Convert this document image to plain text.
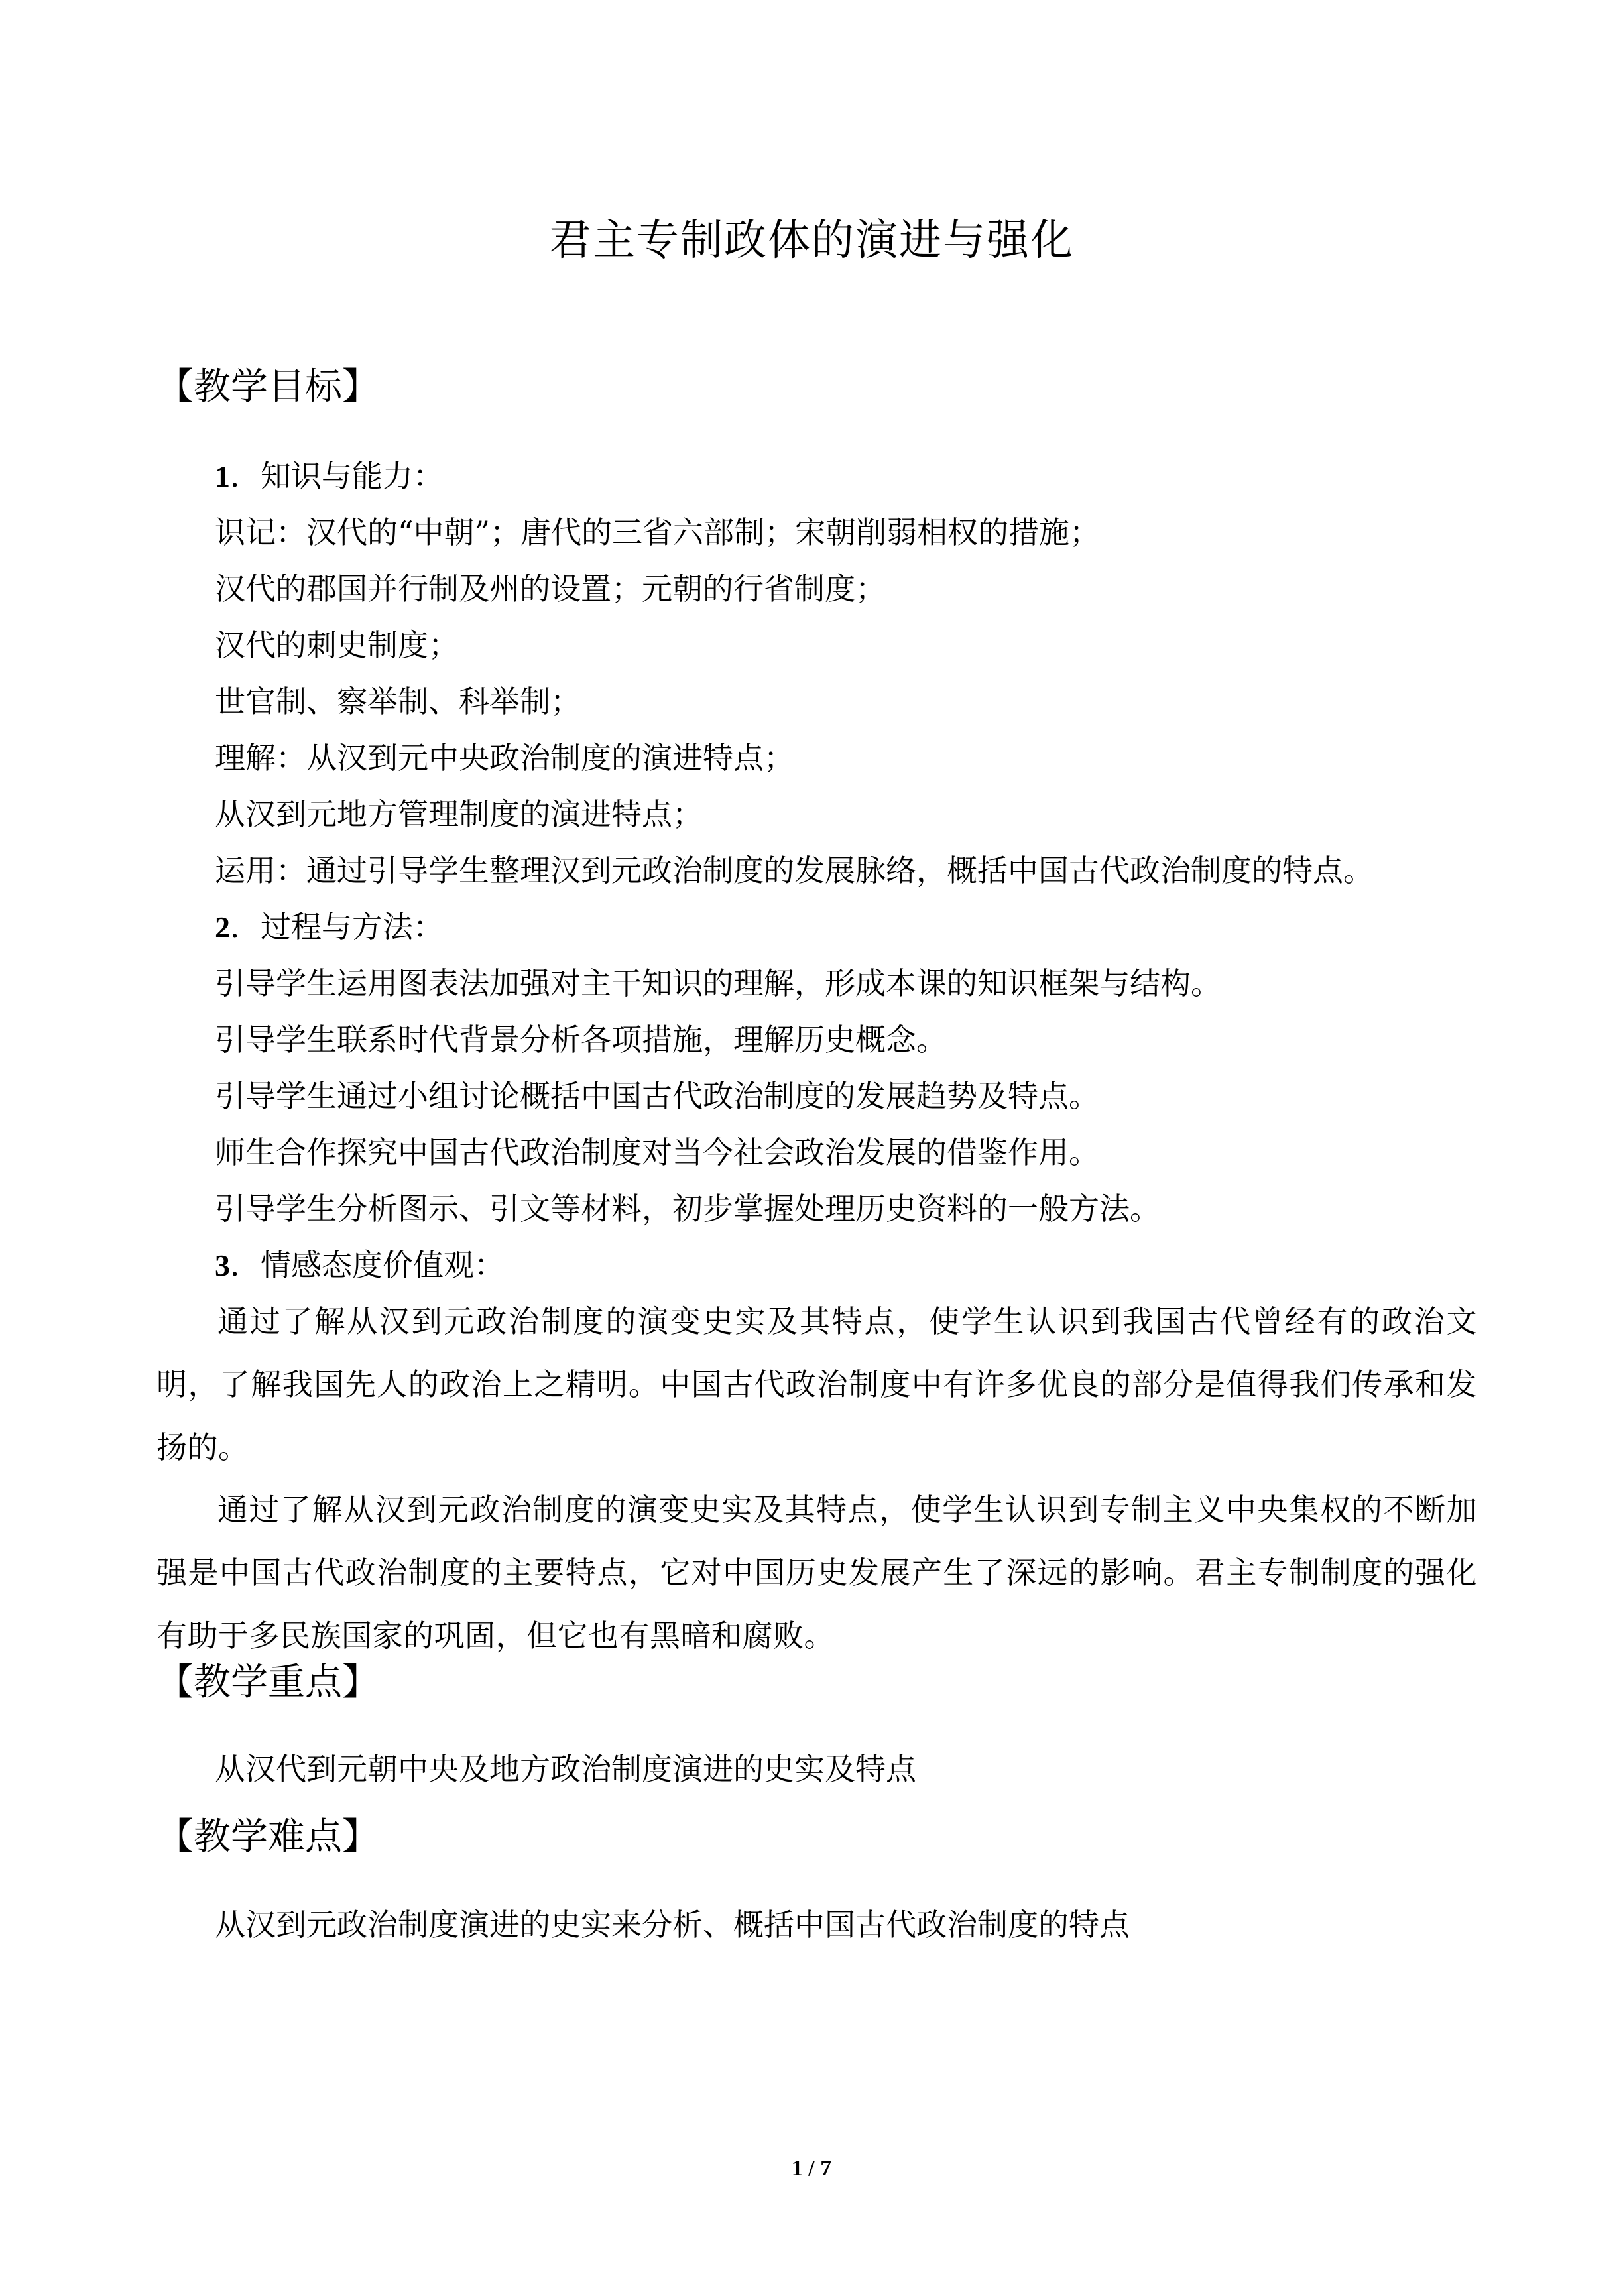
君主专制政体的演进与强化
【教学目标】
1．知识与能力：
识记：汉代的“中朝”；唐代的三省六部制；宋朝削弱相权的措施；
汉代的郡国并行制及州的设置；元朝的行省制度；
汉代的刺史制度；
世官制、察举制、科举制；
理解：从汉到元中央政治制度的演进特点；
从汉到元地方管理制度的演进特点；
运用：通过引导学生整理汉到元政治制度的发展脉络，概括中国古代政治制度的特点。
2．过程与方法：
引导学生运用图表法加强对主干知识的理解，形成本课的知识框架与结构。
引导学生联系时代背景分析各项措施，理解历史概念。
引导学生通过小组讨论概括中国古代政治制度的发展趋势及特点。
师生合作探究中国古代政治制度对当今社会政治发展的借鉴作用。
引导学生分析图示、引文等材料，初步掌握处理历史资料的一般方法。
3．情感态度价值观：
通过了解从汉到元政治制度的演变史实及其特点，使学生认识到我国古代曾经有的政治文明，了解我国先人的政治上之精明。中国古代政治制度中有许多优良的部分是值得我们传承和发扬的。
通过了解从汉到元政治制度的演变史实及其特点，使学生认识到专制主义中央集权的不断加强是中国古代政治制度的主要特点，它对中国历史发展产生了深远的影响。君主专制制度的强化有助于多民族国家的巩固，但它也有黑暗和腐败。
【教学重点】
从汉代到元朝中央及地方政治制度演进的史实及特点
【教学难点】
从汉到元政治制度演进的史实来分析、概括中国古代政治制度的特点
1 / 7
